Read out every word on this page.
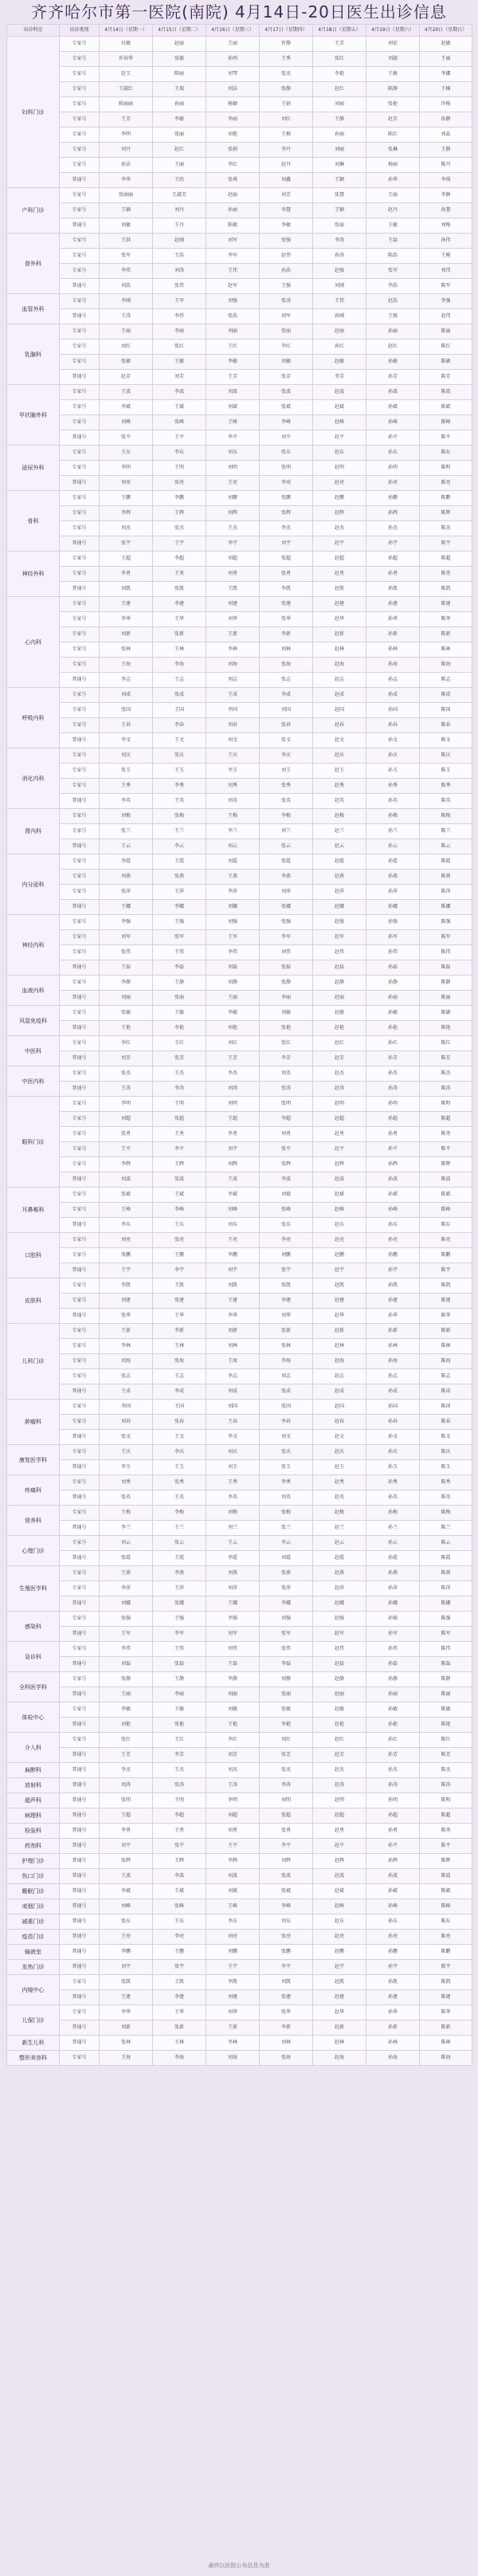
齐齐哈尔市第一医院(南院) 4月14日-20日医生出诊信息
出诊科室	出诊类别	4月14日（星期一）	4月15日（星期二）	4月16日（星期三）	4月17日（星期四）	4月18日（星期五）	4月19日（星期六）	4月20日（星期日）
妇科门诊	专家号	付敏	赵丽	王丽	许静	王芳	刘宏	赵敏
	专家号	许春华	张敏	孙明	王秀	张红	刘淑	王丽
	专家号	赵玉	陈丽	刘琴	张杰	李艳	王敏	李娜
	专家号	王淑红	王瑞	刘洁	张静	赵红	陈静	王楠
	专家号	陈丽丽	孙丽	杨颖	王娟	刘丽	张艳	许梅
	专家号	王芳	李敏	李丽	刘红	王静	赵芳	孙静
	专家号	李明	张丽	刘艳	王梅	孙丽	陈红	刘晶
	专家号	刘丹	赵红	张娟	李丹	刘丽	张琳	王静
	专家号	孙洁	王丽	李红	赵丹	刘琳	杨丽	陈丹
	普通号	李华	王欣	张琪	刘鑫	王颖	孙华	李琪
产科门诊	专家号	张丽丽	王淑芳	赵丽	刘芳	张慧	王丽	李静
	专家号	王颖	刘丹	孙丽	李慧	王颖	赵丹	孙慧
	普通号	刘敏	王丹	陈敏	李敏	张丽	王敏	刘梅
普外科	专家号	王洪	赵刚	刘军	张强	李涛	王磊	孙伟
	专家号	张军	王浩	李军	赵伟	孙涛	陈浩	王刚
	专家号	李伟	刘涛	王伟	孙浩	赵强	张军	刘伟
	普通号	刘浩	张伟	赵军	王强	刘刚	李浩	陈军
血管外科	专家号	李刚	王军	刘强	张涛	王伟	赵浩	李强
	普通号	王涛	李伟	张浩	刘军	孙刚	王强	赵伟
乳腺科	专家号	王丽	李丽	刘丽	张丽	赵丽	孙丽	陈丽
	专家号	刘红	张红	王红	李红	孙红	赵红	陈红
	专家号	张敏	王敏	李敏	刘敏	赵敏	孙敏	陈敏
	普通号	赵芳	刘芳	王芳	张芳	李芳	孙芳	陈芳
甲状腺外科	专家号	王波	李波	刘波	张波	赵波	孙波	陈波
	专家号	李斌	王斌	刘斌	张斌	赵斌	孙斌	陈斌
	专家号	刘峰	张峰	王峰	李峰	赵峰	孙峰	陈峰
	普通号	张平	王平	李平	刘平	赵平	孙平	陈平
泌尿外科	专家号	王东	李东	刘东	张东	赵东	孙东	陈东
	专家号	李明	王明	刘明	张明	赵明	孙明	陈明
	普通号	刘亮	张亮	王亮	李亮	赵亮	孙亮	陈亮
骨科	专家号	王鹏	李鹏	刘鹏	张鹏	赵鹏	孙鹏	陈鹏
	专家号	李辉	王辉	刘辉	张辉	赵辉	孙辉	陈辉
	专家号	刘杰	张杰	王杰	李杰	赵杰	孙杰	陈杰
	普通号	张宇	王宇	李宇	刘宇	赵宇	孙宇	陈宇
神经外科	专家号	王超	李超	刘超	张超	赵超	孙超	陈超
	专家号	李勇	王勇	刘勇	张勇	赵勇	孙勇	陈勇
	普通号	刘凯	张凯	王凯	李凯	赵凯	孙凯	陈凯
心内科	专家号	王建	李建	刘建	张建	赵建	孙建	陈建
	专家号	李华	王华	刘华	张华	赵华	孙华	陈华
	专家号	刘新	张新	王新	李新	赵新	孙新	陈新
	专家号	张林	王林	李林	刘林	赵林	孙林	陈林
	专家号	王海	李海	刘海	张海	赵海	孙海	陈海
	普通号	李志	王志	刘志	张志	赵志	孙志	陈志
呼吸内科	专家号	刘成	张成	王成	李成	赵成	孙成	陈成
	专家号	张国	王国	李国	刘国	赵国	孙国	陈国
	专家号	王春	李春	刘春	张春	赵春	孙春	陈春
	普通号	李文	王文	刘文	张文	赵文	孙文	陈文
消化内科	专家号	刘庆	张庆	王庆	李庆	赵庆	孙庆	陈庆
	专家号	张玉	王玉	李玉	刘玉	赵玉	孙玉	陈玉
	专家号	王秀	李秀	刘秀	张秀	赵秀	孙秀	陈秀
	普通号	李英	王英	刘英	张英	赵英	孙英	陈英
肾内科	专家号	刘梅	张梅	王梅	李梅	赵梅	孙梅	陈梅
	专家号	张兰	王兰	李兰	刘兰	赵兰	孙兰	陈兰
	普通号	王云	李云	刘云	张云	赵云	孙云	陈云
内分泌科	专家号	李霞	王霞	刘霞	张霞	赵霞	孙霞	陈霞
	专家号	刘燕	张燕	王燕	李燕	赵燕	孙燕	陈燕
	专家号	张萍	王萍	李萍	刘萍	赵萍	孙萍	陈萍
	普通号	王娜	李娜	刘娜	张娜	赵娜	孙娜	陈娜
神经内科	专家号	李强	王强	刘强	张强	赵强	孙强	陈强
	专家号	刘军	张军	王军	李军	赵军	孙军	陈军
	专家号	张伟	王伟	李伟	刘伟	赵伟	孙伟	陈伟
	普通号	王磊	李磊	刘磊	张磊	赵磊	孙磊	陈磊
血液内科	专家号	李静	王静	刘静	张静	赵静	孙静	陈静
	普通号	刘丽	张丽	王丽	李丽	赵丽	孙丽	陈丽
风湿免疫科	专家号	张敏	王敏	李敏	刘敏	赵敏	孙敏	陈敏
	普通号	王艳	李艳	刘艳	张艳	赵艳	孙艳	陈艳
中医科	专家号	李红	王红	刘红	张红	赵红	孙红	陈红
	普通号	刘芳	张芳	王芳	李芳	赵芳	孙芳	陈芳
中医内科	专家号	张杰	王杰	李杰	刘杰	赵杰	孙杰	陈杰
	普通号	王涛	李涛	刘涛	张涛	赵涛	孙涛	陈涛
眼科门诊	专家号	李明	王明	刘明	张明	赵明	孙明	陈明
	专家号	刘超	张超	王超	李超	赵超	孙超	陈超
	专家号	张勇	王勇	李勇	刘勇	赵勇	孙勇	陈勇
	专家号	王平	李平	刘平	张平	赵平	孙平	陈平
	专家号	李辉	王辉	刘辉	张辉	赵辉	孙辉	陈辉
	普通号	刘波	张波	王波	李波	赵波	孙波	陈波
耳鼻喉科	专家号	张斌	王斌	李斌	刘斌	赵斌	孙斌	陈斌
	专家号	王峰	李峰	刘峰	张峰	赵峰	孙峰	陈峰
	普通号	李东	王东	刘东	张东	赵东	孙东	陈东
口腔科	专家号	刘亮	张亮	王亮	李亮	赵亮	孙亮	陈亮
	专家号	张鹏	王鹏	李鹏	刘鹏	赵鹏	孙鹏	陈鹏
	普通号	王宇	李宇	刘宇	张宇	赵宇	孙宇	陈宇
皮肤科	专家号	李凯	王凯	刘凯	张凯	赵凯	孙凯	陈凯
	专家号	刘建	张建	王建	李建	赵建	孙建	陈建
	普通号	张华	王华	李华	刘华	赵华	孙华	陈华
儿科门诊	专家号	王新	李新	刘新	张新	赵新	孙新	陈新
	专家号	李林	王林	刘林	张林	赵林	孙林	陈林
	专家号	刘海	张海	王海	李海	赵海	孙海	陈海
	专家号	张志	王志	李志	刘志	赵志	孙志	陈志
	普通号	王成	李成	刘成	张成	赵成	孙成	陈成
肿瘤科	专家号	李国	王国	刘国	张国	赵国	孙国	陈国
	专家号	刘春	张春	王春	李春	赵春	孙春	陈春
	普通号	张文	王文	李文	刘文	赵文	孙文	陈文
康复医学科	专家号	王庆	李庆	刘庆	张庆	赵庆	孙庆	陈庆
	普通号	李玉	王玉	刘玉	张玉	赵玉	孙玉	陈玉
疼痛科	专家号	刘秀	张秀	王秀	李秀	赵秀	孙秀	陈秀
	普通号	张英	王英	李英	刘英	赵英	孙英	陈英
营养科	专家号	王梅	李梅	刘梅	张梅	赵梅	孙梅	陈梅
	普通号	李兰	王兰	刘兰	张兰	赵兰	孙兰	陈兰
心理门诊	专家号	刘云	张云	王云	李云	赵云	孙云	陈云
	普通号	张霞	王霞	李霞	刘霞	赵霞	孙霞	陈霞
生殖医学科	专家号	王燕	李燕	刘燕	张燕	赵燕	孙燕	陈燕
	专家号	李萍	王萍	刘萍	张萍	赵萍	孙萍	陈萍
	普通号	刘娜	张娜	王娜	李娜	赵娜	孙娜	陈娜
感染科	专家号	张强	王强	李强	刘强	赵强	孙强	陈强
	普通号	王军	李军	刘军	张军	赵军	孙军	陈军
急诊科	专家号	李伟	王伟	刘伟	张伟	赵伟	孙伟	陈伟
	普通号	刘磊	张磊	王磊	李磊	赵磊	孙磊	陈磊
全科医学科	专家号	张静	王静	李静	刘静	赵静	孙静	陈静
	普通号	王丽	李丽	刘丽	张丽	赵丽	孙丽	陈丽
体检中心	专家号	李敏	王敏	刘敏	张敏	赵敏	孙敏	陈敏
	普通号	刘艳	张艳	王艳	李艳	赵艳	孙艳	陈艳
介入科	专家号	张红	王红	李红	刘红	赵红	孙红	陈红
	普通号	王芳	李芳	刘芳	张芳	赵芳	孙芳	陈芳
麻醉科	普通号	李杰	王杰	刘杰	张杰	赵杰	孙杰	陈杰
放射科	普通号	刘涛	张涛	王涛	李涛	赵涛	孙涛	陈涛
超声科	普通号	张明	王明	李明	刘明	赵明	孙明	陈明
病理科	普通号	王超	李超	刘超	张超	赵超	孙超	陈超
检验科	普通号	李勇	王勇	刘勇	张勇	赵勇	孙勇	陈勇
药剂科	普通号	刘平	张平	王平	李平	赵平	孙平	陈平
护理门诊	普通号	张辉	王辉	李辉	刘辉	赵辉	孙辉	陈辉
伤口门诊	普通号	王波	李波	刘波	张波	赵波	孙波	陈波
睡眠门诊	普通号	李斌	王斌	刘斌	张斌	赵斌	孙斌	陈斌
戒烟门诊	普通号	刘峰	张峰	王峰	李峰	赵峰	孙峰	陈峰
减重门诊	普通号	张东	王东	李东	刘东	赵东	孙东	陈东
疫苗门诊	普通号	王亮	李亮	刘亮	张亮	赵亮	孙亮	陈亮
输液室	普通号	李鹏	王鹏	刘鹏	张鹏	赵鹏	孙鹏	陈鹏
发热门诊	普通号	刘宇	张宇	王宇	李宇	赵宇	孙宇	陈宇
内镜中心	专家号	张凯	王凯	李凯	刘凯	赵凯	孙凯	陈凯
	普通号	王建	李建	刘建	张建	赵建	孙建	陈建
儿保门诊	专家号	李华	王华	刘华	张华	赵华	孙华	陈华
	普通号	刘新	张新	王新	李新	赵新	孙新	陈新
新生儿科	普通号	张林	王林	李林	刘林	赵林	孙林	陈林
整形美容科	专家号	王海	李海	刘海	张海	赵海	孙海	陈海
最终以医院公布信息为准
